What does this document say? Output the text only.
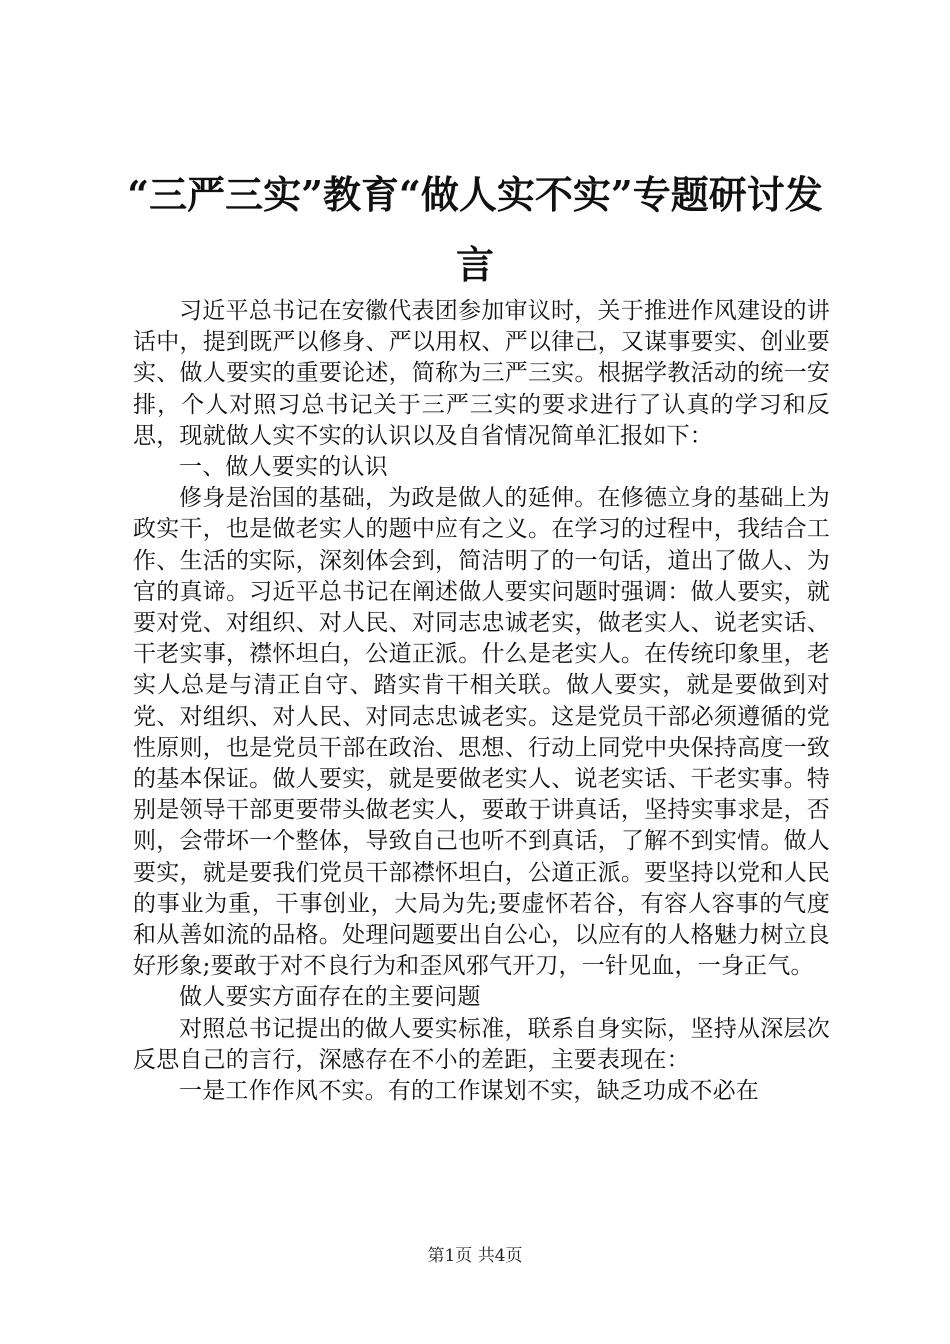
“三严三实”教育“做人实不实”专题研讨发言

习近平总书记在安徽代表团参加审议时，关于推进作风建设的讲话中，提到既严以修身、严以用权、严以律己，又谋事要实、创业要实、做人要实的重要论述，简称为三严三实。根据学教活动的统一安排，个人对照习总书记关于三严三实的要求进行了认真的学习和反思，现就做人实不实的认识以及自省情况简单汇报如下：

一、做人要实的认识

修身是治国的基础，为政是做人的延伸。在修德立身的基础上为政实干，也是做老实人的题中应有之义。在学习的过程中，我结合工作、生活的实际，深刻体会到，简洁明了的一句话，道出了做人、为官的真谛。习近平总书记在阐述做人要实问题时强调：做人要实，就要对党、对组织、对人民、对同志忠诚老实，做老实人、说老实话、干老实事，襟怀坦白，公道正派。什么是老实人。在传统印象里，老实人总是与清正自守、踏实肯干相关联。做人要实，就是要做到对党、对组织、对人民、对同志忠诚老实。这是党员干部必须遵循的党性原则，也是党员干部在政治、思想、行动上同党中央保持高度一致的基本保证。做人要实，就是要做老实人、说老实话、干老实事。特别是领导干部更要带头做老实人，要敢于讲真话，坚持实事求是，否则，会带坏一个整体，导致自己也听不到真话，了解不到实情。做人要实，就是要我们党员干部襟怀坦白，公道正派。要坚持以党和人民的事业为重，干事创业，大局为先;要虚怀若谷，有容人容事的气度和从善如流的品格。处理问题要出自公心，以应有的人格魅力树立良好形象;要敢于对不良行为和歪风邪气开刀，一针见血，一身正气。

做人要实方面存在的主要问题

对照总书记提出的做人要实标准，联系自身实际，坚持从深层次反思自己的言行，深感存在不小的差距，主要表现在：

一是工作作风不实。有的工作谋划不实，缺乏功成不必在

第1页 共4页
